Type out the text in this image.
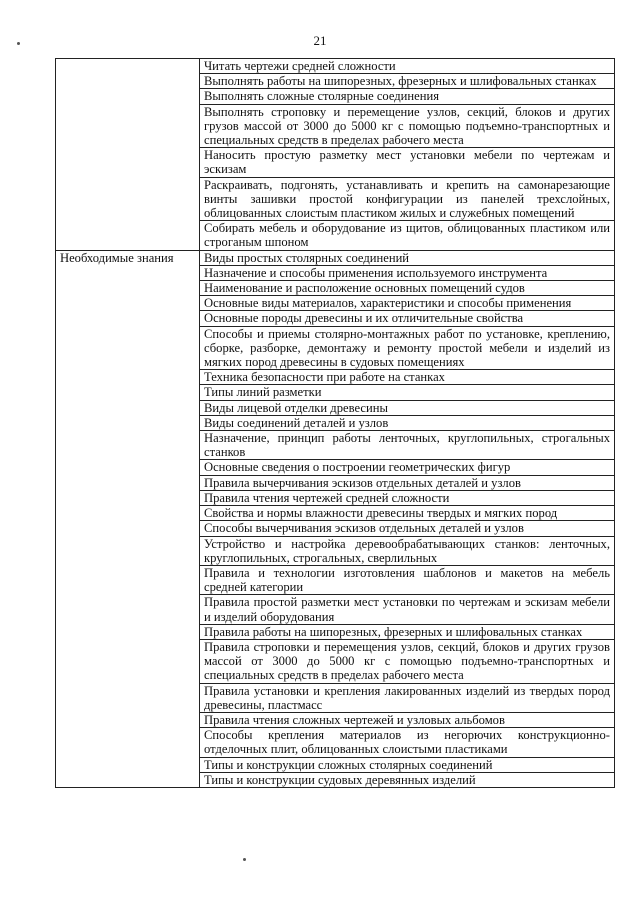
21
	Читать чертежи средней сложности
	Выполнять работы на шипорезных, фрезерных и шлифовальных станках
	Выполнять сложные столярные соединения
	Выполнять строповку и перемещение узлов, секций, блоков и других грузов массой от 3000 до 5000 кг с помощью подъемно-транспортных и специальных средств в пределах рабочего места
	Наносить простую разметку мест установки мебели по чертежам и эскизам
	Раскраивать, подгонять, устанавливать и крепить на самонарезающие винты зашивки простой конфигурации из панелей трехслойных, облицованных слоистым пластиком жилых и служебных помещений
	Собирать мебель и оборудование из щитов, облицованных пластиком или строганым шпоном
Необходимые знания	Виды простых столярных соединений
	Назначение и способы применения используемого инструмента
	Наименование и расположение основных помещений судов
	Основные виды материалов, характеристики и способы применения
	Основные породы древесины и их отличительные свойства
	Способы и приемы столярно-монтажных работ по установке, креплению, сборке, разборке, демонтажу и ремонту простой мебели и изделий из мягких пород древесины в судовых помещениях
	Техника безопасности при работе на станках
	Типы линий разметки
	Виды лицевой отделки древесины
	Виды соединений деталей и узлов
	Назначение, принцип работы ленточных, круглопильных, строгальных станков
	Основные сведения о построении геометрических фигур
	Правила вычерчивания эскизов отдельных деталей и узлов
	Правила чтения чертежей средней сложности
	Свойства и нормы влажности древесины твердых и мягких пород
	Способы вычерчивания эскизов отдельных деталей и узлов
	Устройство и настройка деревообрабатывающих станков: ленточных, круглопильных, строгальных, сверлильных
	Правила и технологии изготовления шаблонов и макетов на мебель средней категории
	Правила простой разметки мест установки по чертежам и эскизам мебели и изделий оборудования
	Правила работы на шипорезных, фрезерных и шлифовальных станках
	Правила строповки и перемещения узлов, секций, блоков и других грузов массой от 3000 до 5000 кг с помощью подъемно-транспортных и специальных средств в пределах рабочего места
	Правила установки и крепления лакированных изделий из твердых пород древесины, пластмасс
	Правила чтения сложных чертежей и узловых альбомов
	Способы крепления материалов из негорючих конструкционно-отделочных плит, облицованных слоистыми пластиками
	Типы и конструкции сложных столярных соединений
	Типы и конструкции судовых деревянных изделий
